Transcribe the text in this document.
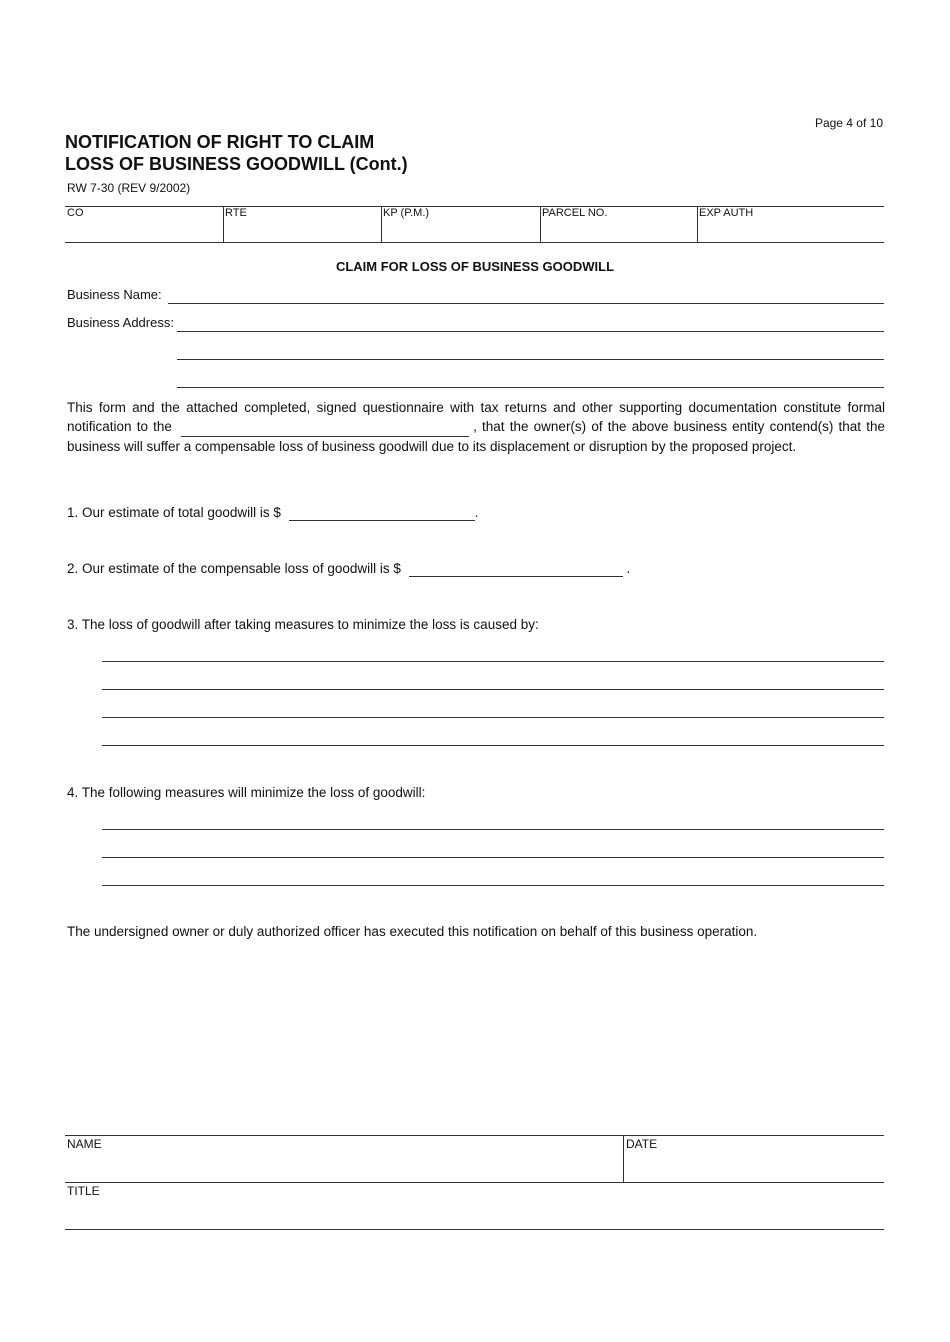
Page 4 of 10
NOTIFICATION OF RIGHT TO CLAIM
LOSS OF BUSINESS GOODWILL (Cont.)
RW 7-30 (REV 9/2002)
CO	RTE	KP (P.M.)	PARCEL NO.	EXP AUTH
CLAIM FOR LOSS OF BUSINESS GOODWILL
Business Name:
Business Address:
This form and the attached completed, signed questionnaire with tax returns and other supporting documentation constitute formal notification to the	, that the owner(s) of the above business entity contend(s) that the business will suffer a compensable loss of business goodwill due to its displacement or disruption by the proposed project.
1. Our estimate of total goodwill is $	.
2. Our estimate of the compensable loss of goodwill is $	.
3. The loss of goodwill after taking measures to minimize the loss is caused by:
4. The following measures will minimize the loss of goodwill:
The undersigned owner or duly authorized officer has executed this notification on behalf of this business operation.
NAME	DATE
TITLE
